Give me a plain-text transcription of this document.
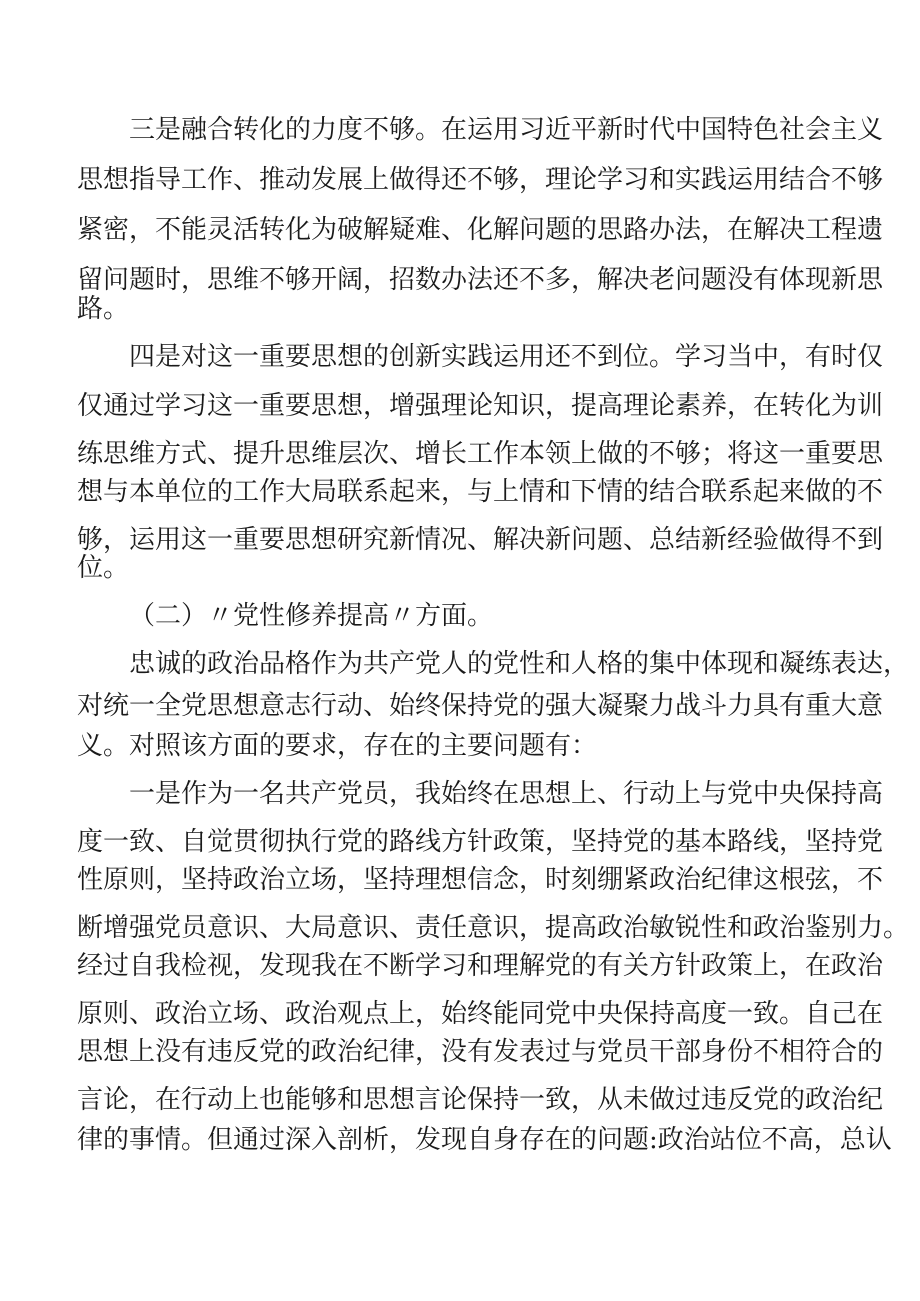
三是融合转化的力度不够。在运用习近平新时代中国特色社会主义
思想指导工作、推动发展上做得还不够，理论学习和实践运用结合不够
紧密，不能灵活转化为破解疑难、化解问题的思路办法，在解决工程遗
留问题时，思维不够开阔，招数办法还不多，解决老问题没有体现新思
路。
四是对这一重要思想的创新实践运用还不到位。学习当中，有时仅
仅通过学习这一重要思想，增强理论知识，提高理论素养，在转化为训
练思维方式、提升思维层次、增长工作本领上做的不够；将这一重要思
想与本单位的工作大局联系起来，与上情和下情的结合联系起来做的不
够，运用这一重要思想研究新情况、解决新问题、总结新经验做得不到
位。
（二）〃党性修养提高〃方面。
忠诚的政治品格作为共产党人的党性和人格的集中体现和凝练表达，
对统一全党思想意志行动、始终保持党的强大凝聚力战斗力具有重大意
义。对照该方面的要求，存在的主要问题有：
一是作为一名共产党员，我始终在思想上、行动上与党中央保持高
度一致、自觉贯彻执行党的路线方针政策，坚持党的基本路线，坚持党
性原则，坚持政治立场，坚持理想信念，时刻绷紧政治纪律这根弦，不
断增强党员意识、大局意识、责任意识，提高政治敏锐性和政治鉴别力。
经过自我检视，发现我在不断学习和理解党的有关方针政策上，在政治
原则、政治立场、政治观点上，始终能同党中央保持高度一致。自己在
思想上没有违反党的政治纪律，没有发表过与党员干部身份不相符合的
言论，在行动上也能够和思想言论保持一致，从未做过违反党的政治纪
律的事情。但通过深入剖析，发现自身存在的问题:政治站位不高，总认
